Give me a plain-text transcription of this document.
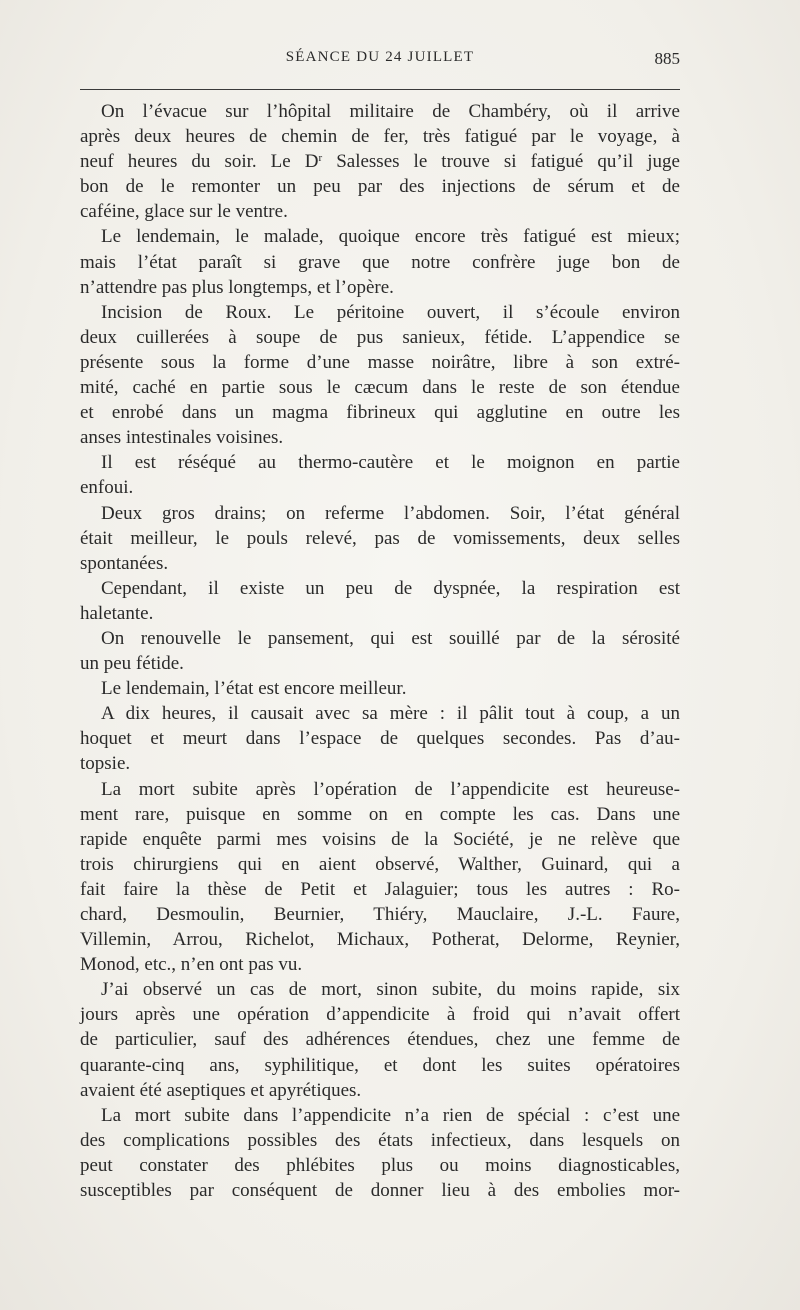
SÉANCE DU 24 JUILLET	885
On l’évacue sur l’hôpital militaire de Chambéry, où il arrive
après deux heures de chemin de fer, très fatigué par le voyage, à
neuf heures du soir. Le $D^r$ Salesses le trouve si fatigué qu’il juge
bon de le remonter un peu par des injections de sérum et de
caféine, glace sur le ventre.
Le lendemain, le malade, quoique encore très fatigué est mieux;
mais l’état paraît si grave que notre confrère juge bon de
n’attendre pas plus longtemps, et l’opère.
Incision de Roux. Le péritoine ouvert, il s’écoule environ
deux cuillerées à soupe de pus sanieux, fétide. L’appendice se
présente sous la forme d’une masse noirâtre, libre à son extré-
mité, caché en partie sous le cæcum dans le reste de son étendue
et enrobé dans un magma fibrineux qui agglutine en outre les
anses intestinales voisines.
Il est réséqué au thermo-cautère et le moignon en partie
enfoui.
Deux gros drains; on referme l’abdomen. Soir, l’état général
était meilleur, le pouls relevé, pas de vomissements, deux selles
spontanées.
Cependant, il existe un peu de dyspnée, la respiration est
haletante.
On renouvelle le pansement, qui est souillé par de la sérosité
un peu fétide.
Le lendemain, l’état est encore meilleur.
A dix heures, il causait avec sa mère : il pâlit tout à coup, a un
hoquet et meurt dans l’espace de quelques secondes. Pas d’au-
topsie.
La mort subite après l’opération de l’appendicite est heureuse-
ment rare, puisque en somme on en compte les cas. Dans une
rapide enquête parmi mes voisins de la Société, je ne relève que
trois chirurgiens qui en aient observé, Walther, Guinard, qui a
fait faire la thèse de Petit et Jalaguier; tous les autres : Ro-
chard, Desmoulin, Beurnier, Thiéry, Mauclaire, J.-L. Faure,
Villemin, Arrou, Richelot, Michaux, Potherat, Delorme, Reynier,
Monod, etc., n’en ont pas vu.
J’ai observé un cas de mort, sinon subite, du moins rapide, six
jours après une opération d’appendicite à froid qui n’avait offert
de particulier, sauf des adhérences étendues, chez une femme de
quarante-cinq ans, syphilitique, et dont les suites opératoires
avaient été aseptiques et apyrétiques.
La mort subite dans l’appendicite n’a rien de spécial : c’est une
des complications possibles des états infectieux, dans lesquels on
peut constater des phlébites plus ou moins diagnosticables,
susceptibles par conséquent de donner lieu à des embolies mor-
